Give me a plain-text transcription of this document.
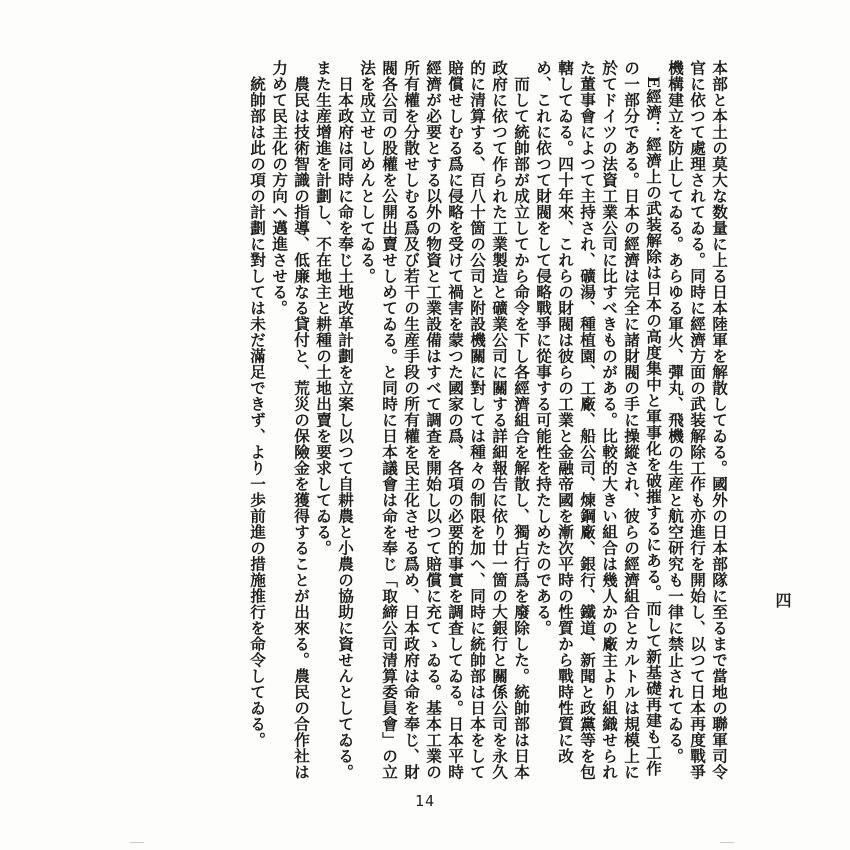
本部と本土の莫大な数量に上る日本陸軍を解散してゐる。國外の日本部隊に至るまで當地の聯軍司令官に依つて處理されてゐる。同時に經濟方面の武装解除工作も亦進行を開始し、以つて日本再度戰爭機構建立を防止してゐる。あらゆる軍火、彈丸、飛機の生産と航空研究も一律に禁止されてゐる。

E經濟：經濟上の武装解除は日本の高度集中と軍事化を破摧するにある。而して新基礎再建も工作の一部分である。日本の經濟は完全に諸財閥の手に操縱され、彼らの經濟組合とカルトルは規模上に於てドイツの法資工業公司に比すべきものがある。比較的大きい組合は幾人かの廠主より組織せられた董事會によつて主持され、礦湯、種植園、工廠、船公司、煉鋼廠、銀行、鐵道、新聞と政黨等を包轄してゐる。四十年來、これらの財閥は彼らの工業と金融帝國を漸次平時の性質から戰時性質に改め、これに依つて財閥をして侵略戰爭に從事する可能性を持たしめたのである。

而して統帥部が成立してから命令を下し各經濟組合を解散し、獨占行爲を廢除した。統帥部は日本政府に依つて作られた工業製造と礦業公司に關する詳細報告に依り廿一箇の大銀行と關係公司を永久的に清算する、百八十箇の公司と附設機關に對しては種々の制限を加へ、同時に統帥部は日本をして賠償せしむる爲に侵略を受けて禍害を蒙つた國家の爲、各項の必要的事實を調査してゐる。日本平時經濟が必要とする以外の物資と工業設備はすべて調査を開始し以つて賠償に充てゝゐる。基本工業の所有權を分散せしむる爲及び若干の生産手段の所有權を民主化させる爲め、日本政府は命を奉じ、財閥各公司の股權を公開出賣せしめてゐる。と同時に日本議會は命を奉じ「取締公司清算委員會」の立法を成立せしめんとしてゐる。

日本政府は同時に命を奉じ土地改革計劃を立案し以つて自耕農と小農の協助に資せんとしてゐる。また生産增進を計劃し、不在地主と耕種の土地出賣を要求してゐる。

農民は技術智識の指導、低廉なる貸付と、荒災の保險金を獲得することが出來る。農民の合作社は力めて民主化の方向へ邁進させる。

統帥部は此の項の計劃に對しては未だ滿足できず、より一歩前進の措施推行を命令してゐる。	四
14
